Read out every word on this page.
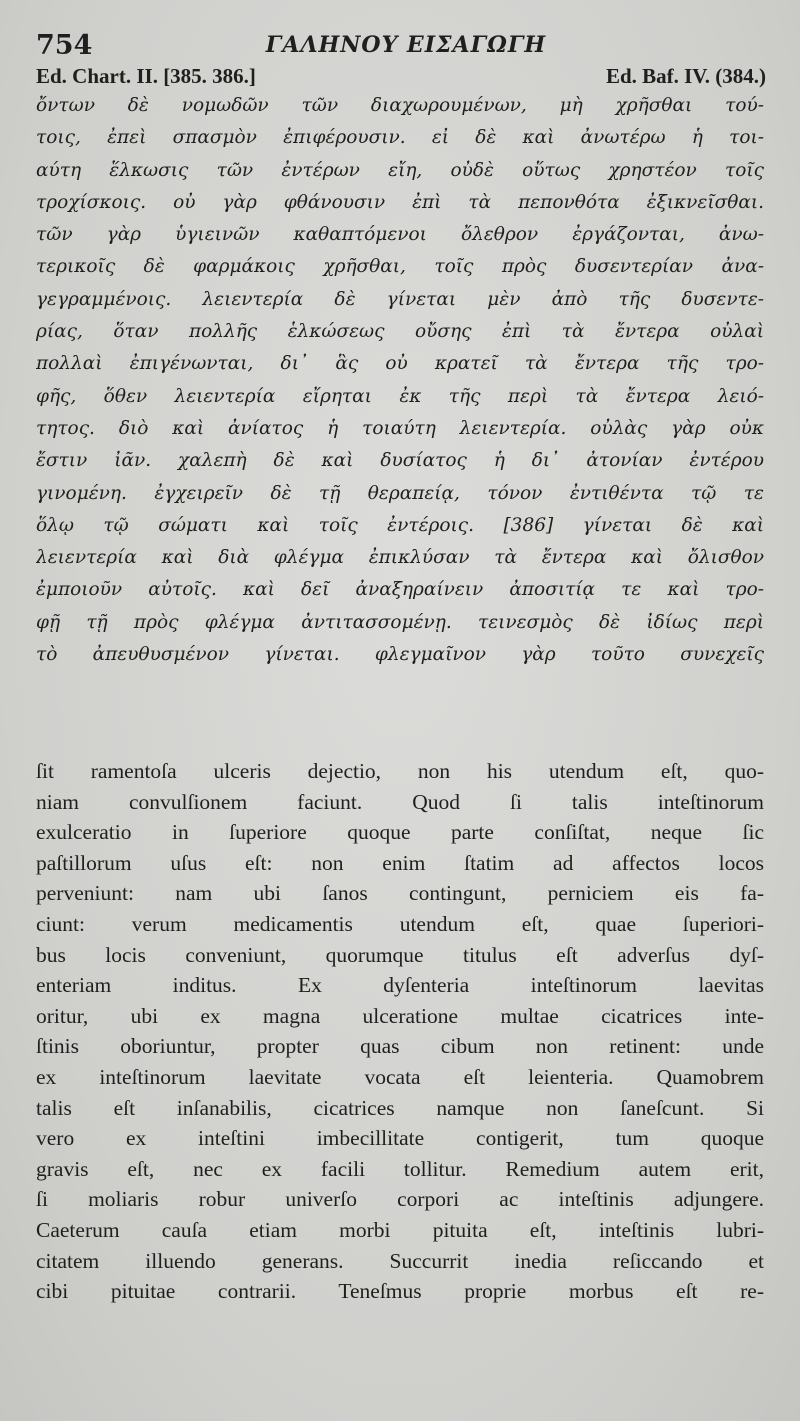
754	ΓΑΛΗΝΟΥ ΕΙΣΑΓΩΓΗ
Ed. Chart. II. [385. 386.]	Ed. Baf. IV. (384.)
ὄντων δὲ νομωδῶν τῶν διαχωρουμένων, μὴ χρῆσθαι τού-
τοις, ἐπεὶ σπασμὸν ἐπιφέρουσιν. εἰ δὲ καὶ ἀνωτέρω ἡ τοι-
αύτη ἕλκωσις τῶν ἐντέρων εἴη, οὐδὲ οὕτως χρηστέον τοῖς
τροχίσκοις. οὐ γὰρ φθάνουσιν ἐπὶ τὰ πεπονθότα ἐξικνεῖσθαι.
τῶν γὰρ ὑγιεινῶν καθαπτόμενοι ὄλεθρον ἐργάζονται, ἀνω-
τερικοῖς δὲ φαρμάκοις χρῆσθαι, τοῖς πρὸς δυσεντερίαν ἀνα-
γεγραμμένοις. λειεντερία δὲ γίνεται μὲν ἀπὸ τῆς δυσεντε-
ρίας, ὅταν πολλῆς ἑλκώσεως οὔσης ἐπὶ τὰ ἔντερα οὐλαὶ
πολλαὶ ἐπιγένωνται, δι᾽ ἃς οὐ κρατεῖ τὰ ἔντερα τῆς τρο-
φῆς, ὅθεν λειεντερία εἴρηται ἐκ τῆς περὶ τὰ ἔντερα λειό-
τητος. διὸ καὶ ἀνίατος ἡ τοιαύτη λειεντερία. οὐλὰς γὰρ οὐκ
ἔστιν ἰᾶν. χαλεπὴ δὲ καὶ δυσίατος ἡ δι᾽ ἀτονίαν ἐντέρου
γινομένη. ἐγχειρεῖν δὲ τῇ θεραπείᾳ, τόνον ἐντιθέντα τῷ τε
ὅλῳ τῷ σώματι καὶ τοῖς ἐντέροις. [386] γίνεται δὲ καὶ
λειεντερία καὶ διὰ φλέγμα ἐπικλύσαν τὰ ἔντερα καὶ ὄλισθον
ἐμποιοῦν αὐτοῖς. καὶ δεῖ ἀναξηραίνειν ἀποσιτίᾳ τε καὶ τρο-
φῇ τῇ πρὸς φλέγμα ἀντιτασσομένῃ. τεινεσμὸς δὲ ἰδίως περὶ
τὸ ἀπευθυσμένον γίνεται. φλεγμαῖνον γὰρ τοῦτο συνεχεῖς
ſit ramentoſa ulceris dejectio, non his utendum eſt, quo-
niam convulſionem faciunt. Quod ſi talis inteſtinorum
exulceratio in ſuperiore quoque parte conſiſtat, neque ſic
paſtillorum uſus eſt: non enim ſtatim ad affectos locos
perveniunt: nam ubi ſanos contingunt, perniciem eis fa-
ciunt: verum medicamentis utendum eſt, quae ſuperiori-
bus locis conveniunt, quorumque titulus eſt adverſus dyſ-
enteriam inditus. Ex dyſenteria inteſtinorum laevitas
oritur, ubi ex magna ulceratione multae cicatrices inte-
ſtinis oboriuntur, propter quas cibum non retinent: unde
ex inteſtinorum laevitate vocata eſt leienteria. Quamobrem
talis eſt inſanabilis, cicatrices namque non ſaneſcunt. Si
vero ex inteſtini imbecillitate contigerit, tum quoque
gravis eſt, nec ex facili tollitur. Remedium autem erit,
ſi moliaris robur univerſo corpori ac inteſtinis adjungere.
Caeterum cauſa etiam morbi pituita eſt, inteſtinis lubri-
citatem illuendo generans. Succurrit inedia reſiccando et
cibi pituitae contrarii. Teneſmus proprie morbus eſt re-
